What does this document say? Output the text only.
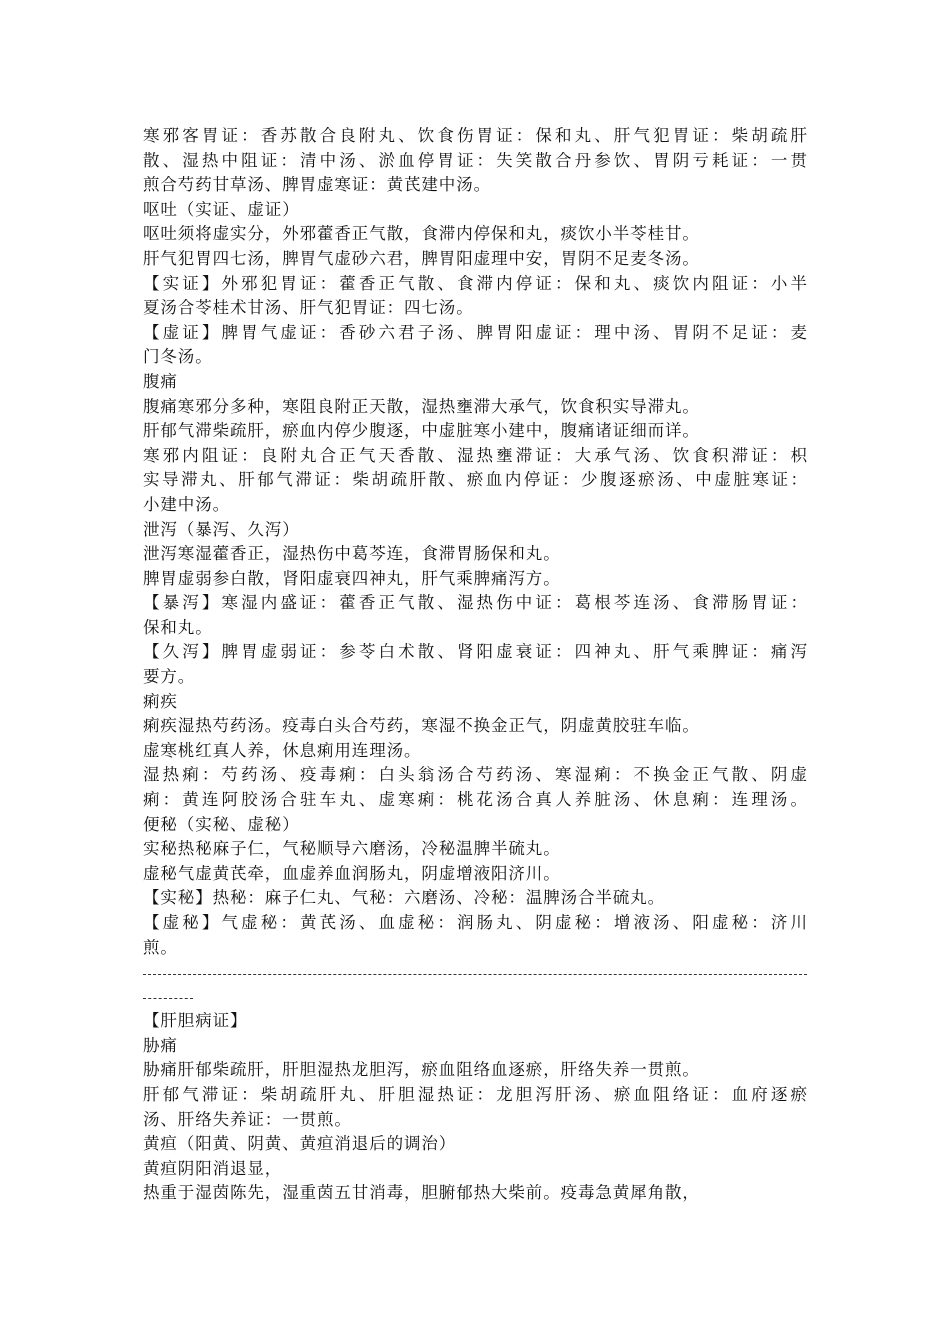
寒邪客胃证：香苏散合良附丸、饮食伤胃证：保和丸、肝气犯胃证：柴胡疏肝
散、湿热中阻证：清中汤、淤血停胃证：失笑散合丹参饮、胃阴亏耗证：一贯
煎合芍药甘草汤、脾胃虚寒证：黄芪建中汤。
呕吐（实证、虚证）
呕吐须将虚实分，外邪藿香正气散，食滞内停保和丸，痰饮小半苓桂甘。
肝气犯胃四七汤，脾胃气虚砂六君，脾胃阳虚理中安，胃阴不足麦冬汤。
【实证】外邪犯胃证：藿香正气散、食滞内停证：保和丸、痰饮内阻证：小半
夏汤合苓桂术甘汤、肝气犯胃证：四七汤。
【虚证】脾胃气虚证：香砂六君子汤、脾胃阳虚证：理中汤、胃阴不足证：麦
门冬汤。
腹痛
腹痛寒邪分多种，寒阻良附正天散，湿热壅滞大承气，饮食积实导滞丸。
肝郁气滞柴疏肝，瘀血内停少腹逐，中虚脏寒小建中，腹痛诸证细而详。
寒邪内阻证：良附丸合正气天香散、湿热壅滞证：大承气汤、饮食积滞证：枳
实导滞丸、肝郁气滞证：柴胡疏肝散、瘀血内停证：少腹逐瘀汤、中虚脏寒证：
小建中汤。
泄泻（暴泻、久泻）
泄泻寒湿藿香正，湿热伤中葛芩连，食滞胃肠保和丸。
脾胃虚弱参白散，肾阳虚衰四神丸，肝气乘脾痛泻方。
【暴泻】寒湿内盛证：藿香正气散、湿热伤中证：葛根芩连汤、食滞肠胃证：
保和丸。
【久泻】脾胃虚弱证：参苓白术散、肾阳虚衰证：四神丸、肝气乘脾证：痛泻
要方。
痢疾
痢疾湿热芍药汤。疫毒白头合芍药，寒湿不换金正气，阴虚黄胶驻车临。
虚寒桃红真人养，休息痢用连理汤。
湿热痢：芍药汤、疫毒痢：白头翁汤合芍药汤、寒湿痢：不换金正气散、阴虚
痢：黄连阿胶汤合驻车丸、虚寒痢：桃花汤合真人养脏汤、休息痢：连理汤。
便秘（实秘、虚秘）
实秘热秘麻子仁，气秘顺导六磨汤，冷秘温脾半硫丸。
虚秘气虚黄芪牵，血虚养血润肠丸，阴虚增液阳济川。
【实秘】热秘：麻子仁丸、气秘：六磨汤、冷秘：温脾汤合半硫丸。
【虚秘】气虚秘：黄芪汤、血虚秘：润肠丸、阴虚秘：增液汤、阳虚秘：济川
煎。
【肝胆病证】
胁痛
胁痛肝郁柴疏肝，肝胆湿热龙胆泻，瘀血阻络血逐瘀，肝络失养一贯煎。
肝郁气滞证：柴胡疏肝丸、肝胆湿热证：龙胆泻肝汤、瘀血阻络证：血府逐瘀
汤、肝络失养证：一贯煎。
黄疸（阳黄、阴黄、黄疸消退后的调治）
黄疸阴阳消退显，
热重于湿茵陈先，湿重茵五甘消毒，胆腑郁热大柴前。疫毒急黄犀角散，
